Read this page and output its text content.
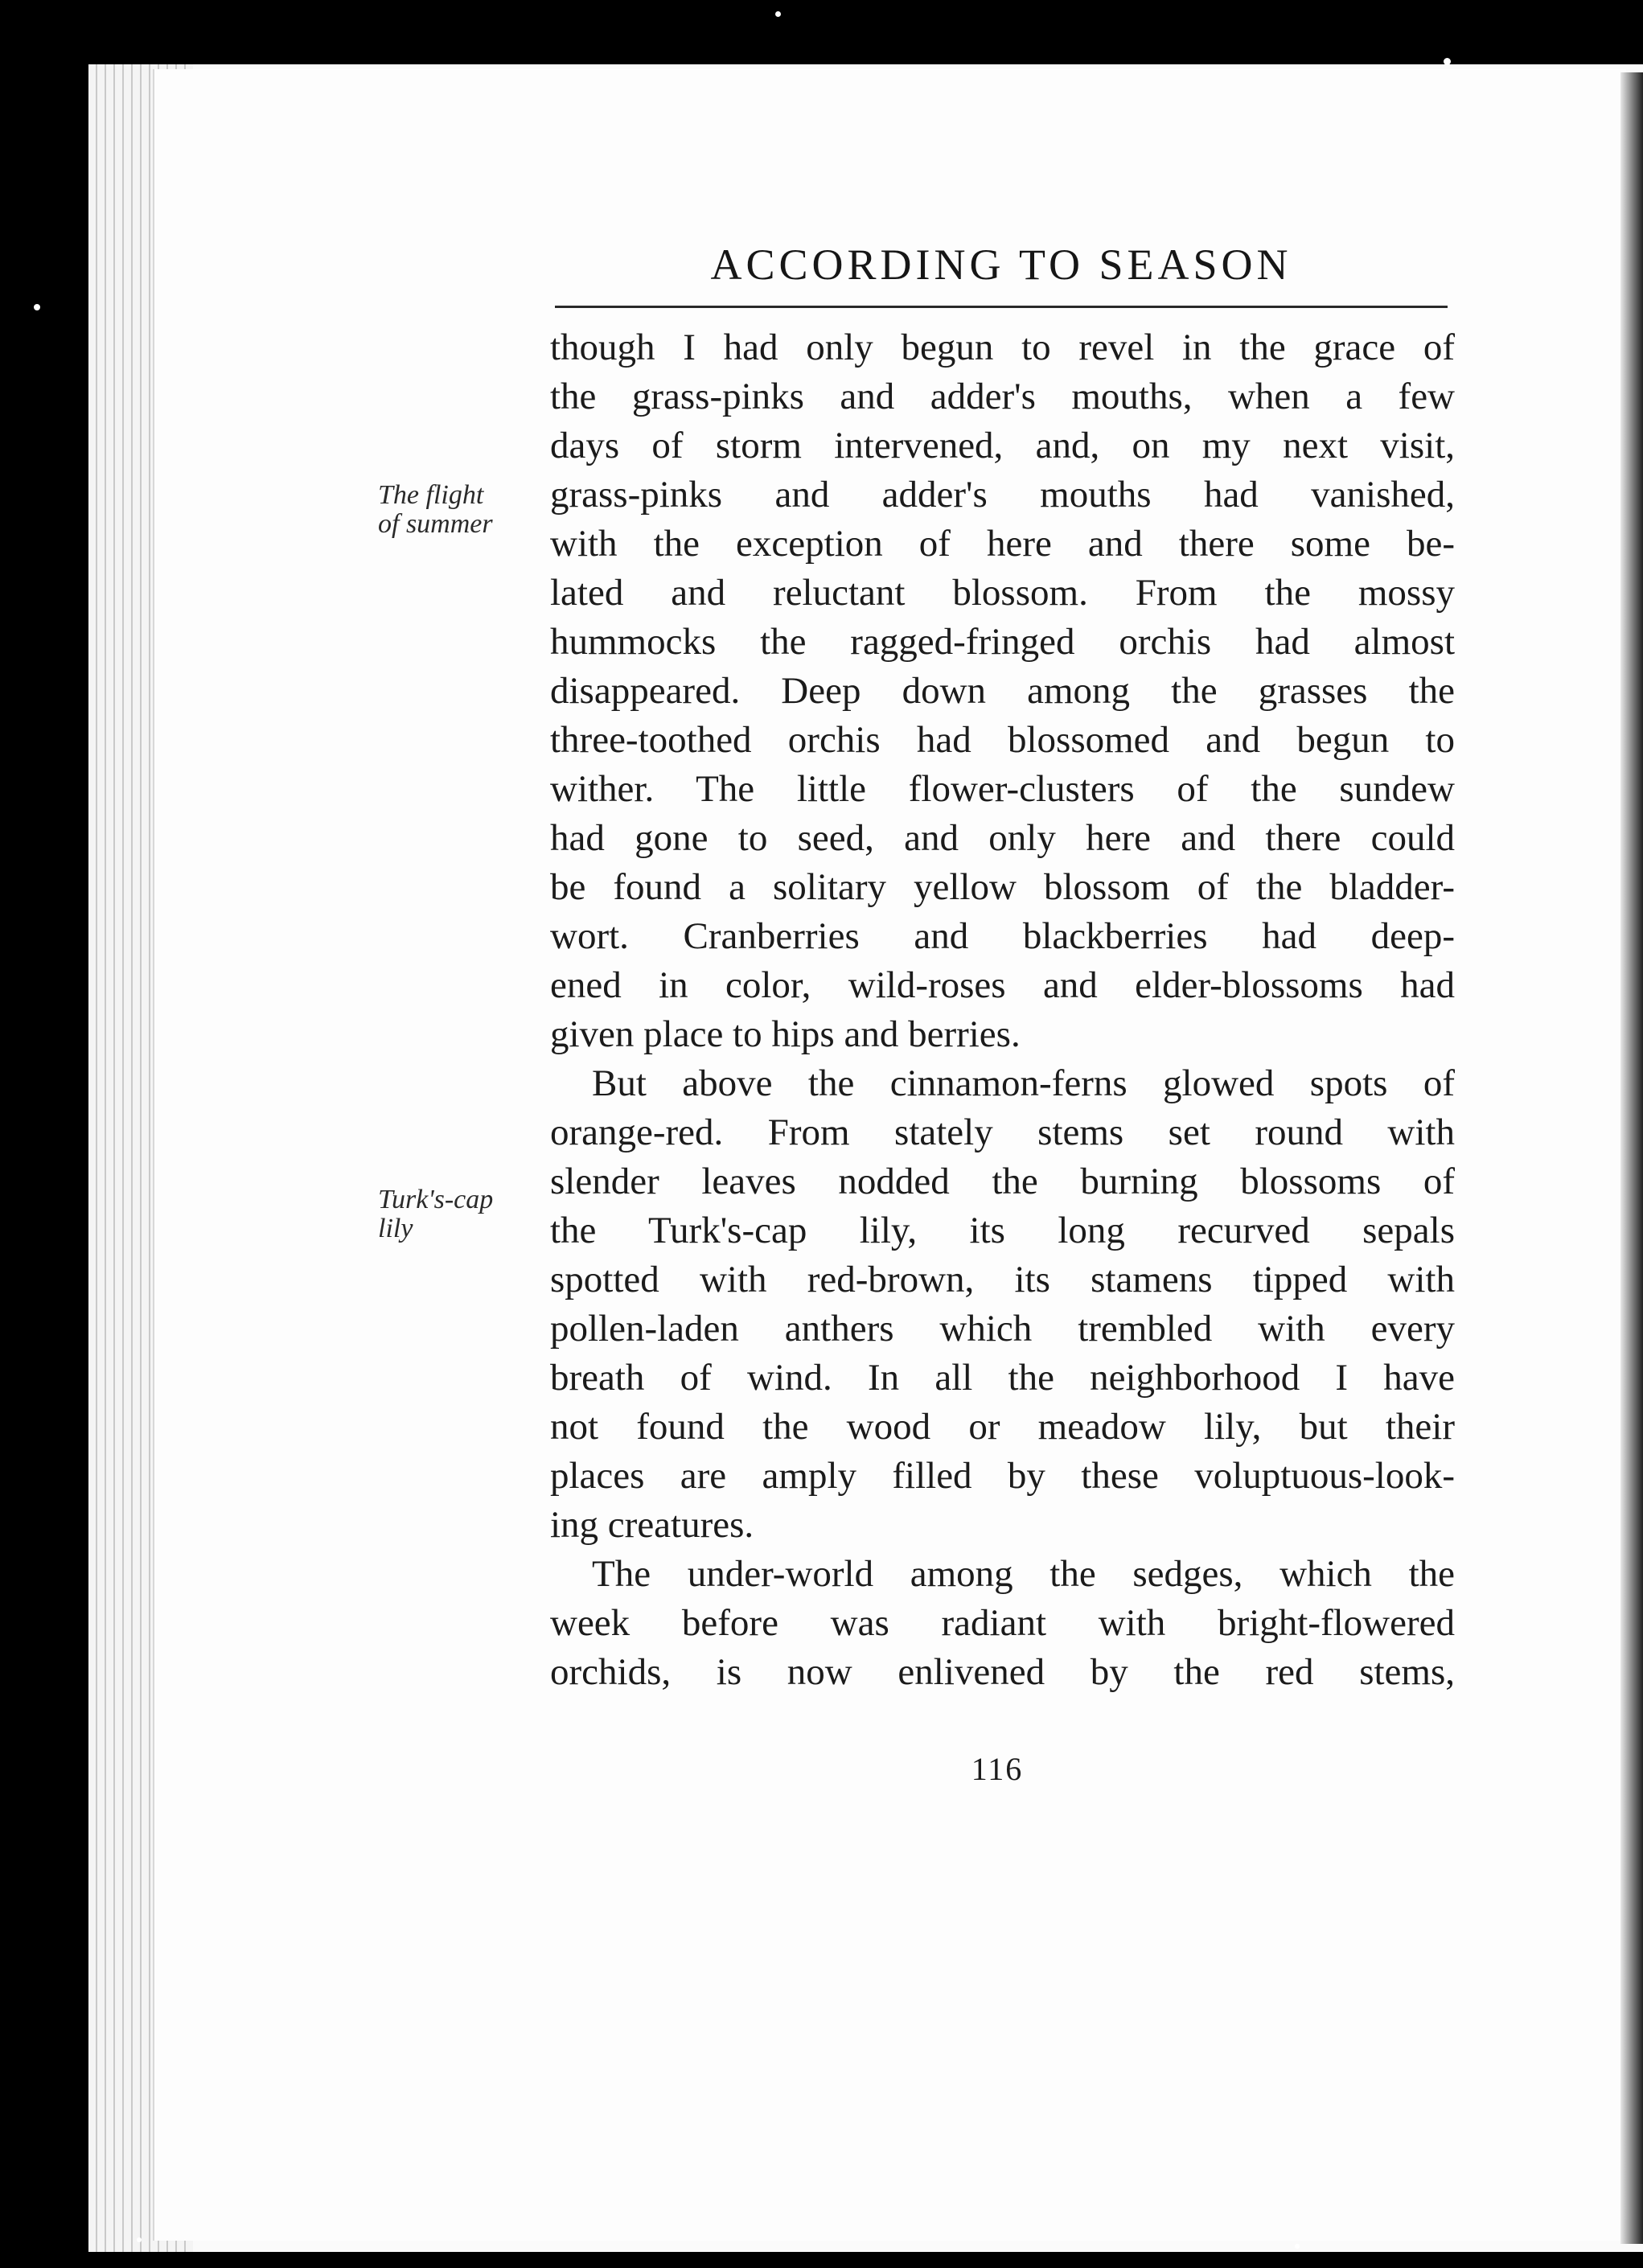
ACCORDING TO SEASON
The flight
of summer
Turk's-cap
lily
though I had only begun to revel in the grace of
the grass-pinks and adder's mouths, when a few
days of storm intervened, and, on my next visit,
grass-pinks and adder's mouths had vanished,
with the exception of here and there some be-
lated and reluctant blossom. From the mossy
hummocks the ragged-fringed orchis had almost
disappeared. Deep down among the grasses the
three-toothed orchis had blossomed and begun to
wither. The little flower-clusters of the sundew
had gone to seed, and only here and there could
be found a solitary yellow blossom of the bladder-
wort. Cranberries and blackberries had deep-
ened in color, wild-roses and elder-blossoms had
given place to hips and berries.
But above the cinnamon-ferns glowed spots of
orange-red. From stately stems set round with
slender leaves nodded the burning blossoms of
the Turk's-cap lily, its long recurved sepals
spotted with red-brown, its stamens tipped with
pollen-laden anthers which trembled with every
breath of wind. In all the neighborhood I have
not found the wood or meadow lily, but their
places are amply filled by these voluptuous-look-
ing creatures.
The under-world among the sedges, which the
week before was radiant with bright-flowered
orchids, is now enlivened by the red stems,
116
